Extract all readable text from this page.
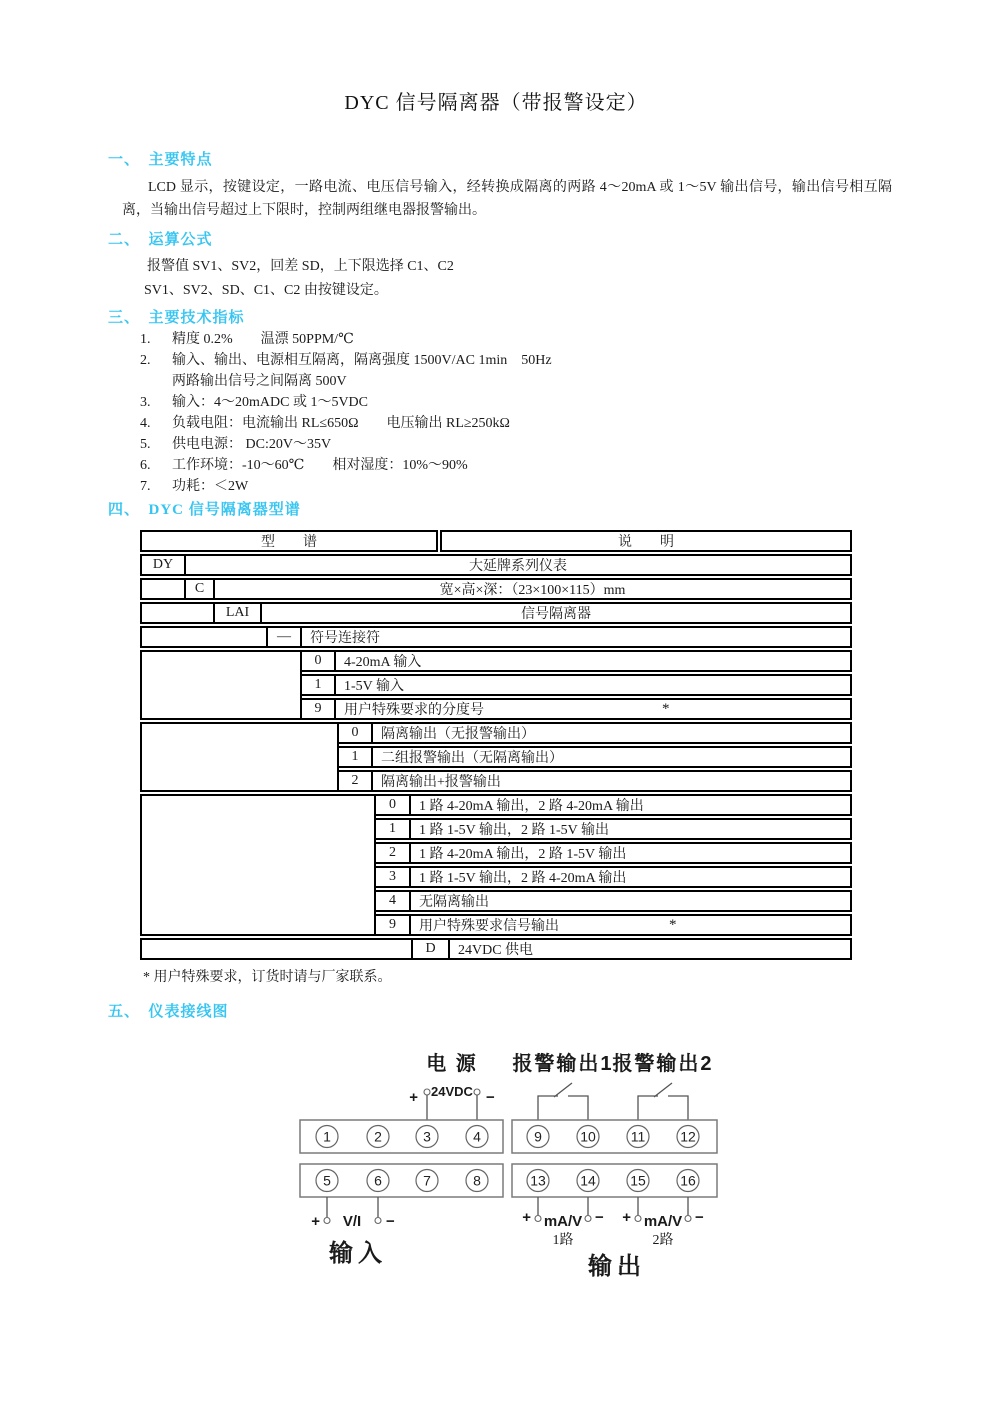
DYC 信号隔离器（带报警设定）
一、　主要特点
LCD 显示，按键设定，一路电流、电压信号输入，经转换成隔离的两路 4～20mA 或 1～5V 输出信号，输出信号相互隔离，当输出信号超过上下限时，控制两组继电器报警输出。
二、　运算公式
报警值 SV1、SV2，回差 SD，上下限选择 C1、C2
SV1、SV2、SD、C1、C2 由按键设定。
三、　主要技术指标
1. 精度 0.2%　　温漂 50PPM/℃
2. 输入、输出、电源相互隔离，隔离强度 1500V/AC 1min　50Hz
两路输出信号之间隔离 500V
3. 输入：4～20mADC 或 1～5VDC
4. 负载电阻：电流输出 RL≤650Ω　　电压输出 RL≥250kΩ
5. 供电电源： DC:20V～35V
6. 工作环境：-10～60℃　　相对湿度：10%～90%
7. 功耗：＜2W
四、　DYC 信号隔离器型谱
型　　谱	说　　明
DY	大延牌系列仪表
C	宽×高×深：（23×100×115）mm
LAI	信号隔离器
—	符号连接符
0	4-20mA 输入
1	1-5V 输入
9	用户特殊要求的分度号	*
0	隔离输出（无报警输出）
1	二组报警输出（无隔离输出）
2	隔离输出+报警输出
0	1 路 4-20mA 输出，2 路 4-20mA 输出
1	1 路 1-5V 输出，2 路 1-5V 输出
2	1 路 4-20mA 输出，2 路 1-5V 输出
3	1 路 1-5V 输出，2 路 4-20mA 输出
4	无隔离输出
9	用户特殊要求信号输出	*
D	24VDC 供电
* 用户特殊要求，订货时请与厂家联系。
五、　仪表接线图
电 源 报警输出1
报警输出2
+ 24VDC −
1	2	3	4	9	10 11 12
5	6	7	8	13 14 15 16
+ V/I −
输入
+ mA/V −
1路
+ mA/V −
2路
输出
